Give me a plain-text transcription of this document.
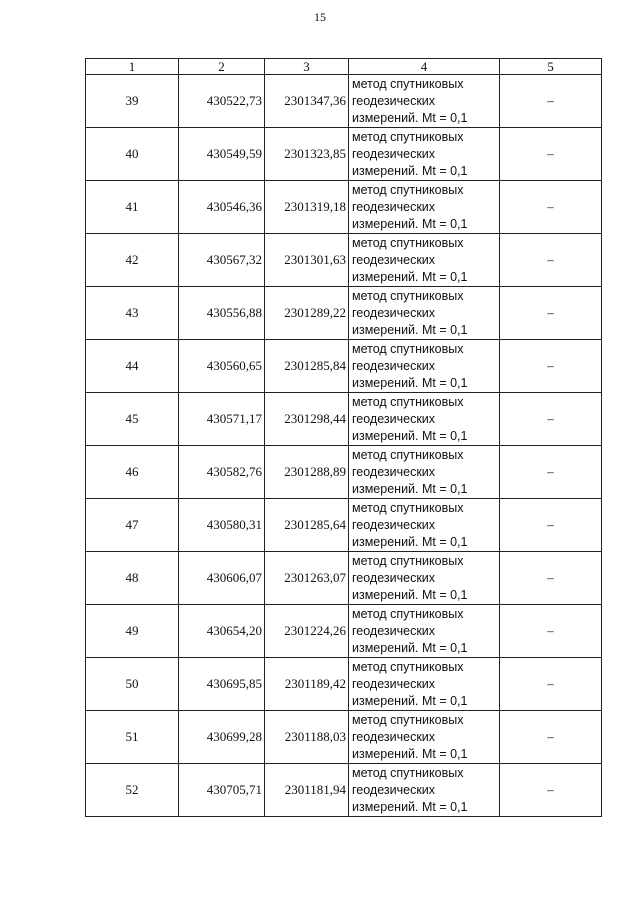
15
1	2	3	4	5
39	430522,73	2301347,36	метод спутниковых
геодезических
измерений. Mt = 0,1	–
40	430549,59	2301323,85	метод спутниковых
геодезических
измерений. Mt = 0,1	–
41	430546,36	2301319,18	метод спутниковых
геодезических
измерений. Mt = 0,1	–
42	430567,32	2301301,63	метод спутниковых
геодезических
измерений. Mt = 0,1	–
43	430556,88	2301289,22	метод спутниковых
геодезических
измерений. Mt = 0,1	–
44	430560,65	2301285,84	метод спутниковых
геодезических
измерений. Mt = 0,1	–
45	430571,17	2301298,44	метод спутниковых
геодезических
измерений. Mt = 0,1	–
46	430582,76	2301288,89	метод спутниковых
геодезических
измерений. Mt = 0,1	–
47	430580,31	2301285,64	метод спутниковых
геодезических
измерений. Mt = 0,1	–
48	430606,07	2301263,07	метод спутниковых
геодезических
измерений. Mt = 0,1	–
49	430654,20	2301224,26	метод спутниковых
геодезических
измерений. Mt = 0,1	–
50	430695,85	2301189,42	метод спутниковых
геодезических
измерений. Mt = 0,1	–
51	430699,28	2301188,03	метод спутниковых
геодезических
измерений. Mt = 0,1	–
52	430705,71	2301181,94	метод спутниковых
геодезических
измерений. Mt = 0,1	–
